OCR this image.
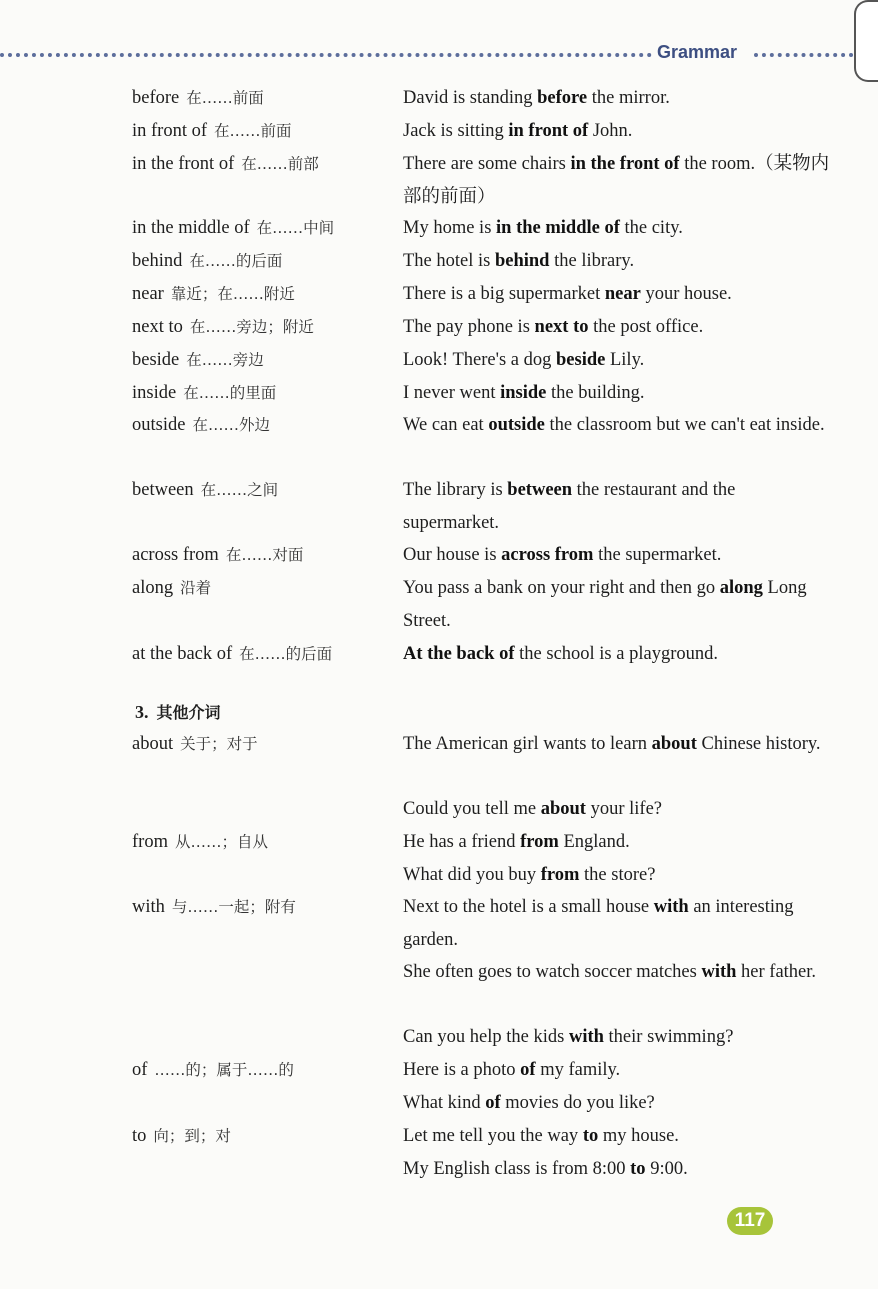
Grammar
before 在……前面	David is standing before the mirror.
in front of 在……前面	Jack is sitting in front of John.
in the front of 在……前部	There are some chairs in the front of the room.（某物内部的前面）
in the middle of 在……中间	My home is in the middle of the city.
behind 在……的后面	The hotel is behind the library.
near 靠近；在……附近	There is a big supermarket near your house.
next to 在……旁边；附近	The pay phone is next to the post office.
beside 在……旁边	Look! There's a dog beside Lily.
inside 在……的里面	I never went inside the building.
outside 在……外边	We can eat outside the classroom but we can't eat inside.
between 在……之间	The library is between the restaurant and the supermarket.
across from 在……对面	Our house is across from the supermarket.
along 沿着	You pass a bank on your right and then go along Long Street.
at the back of 在……的后面	At the back of the school is a playground.
about 关于；对于	The American girl wants to learn about Chinese history.
Could you tell me about your life?
from 从……；自从	He has a friend from England.
What did you buy from the store?
with 与……一起；附有	Next to the hotel is a small house with an interesting garden.
She often goes to watch soccer matches with her father.
Can you help the kids with their swimming?
of ……的；属于……的	Here is a photo of my family.
What kind of movies do you like?
to 向；到；对	Let me tell you the way to my house.
My English class is from 8:00 to 9:00.
3. 其他介词
117
